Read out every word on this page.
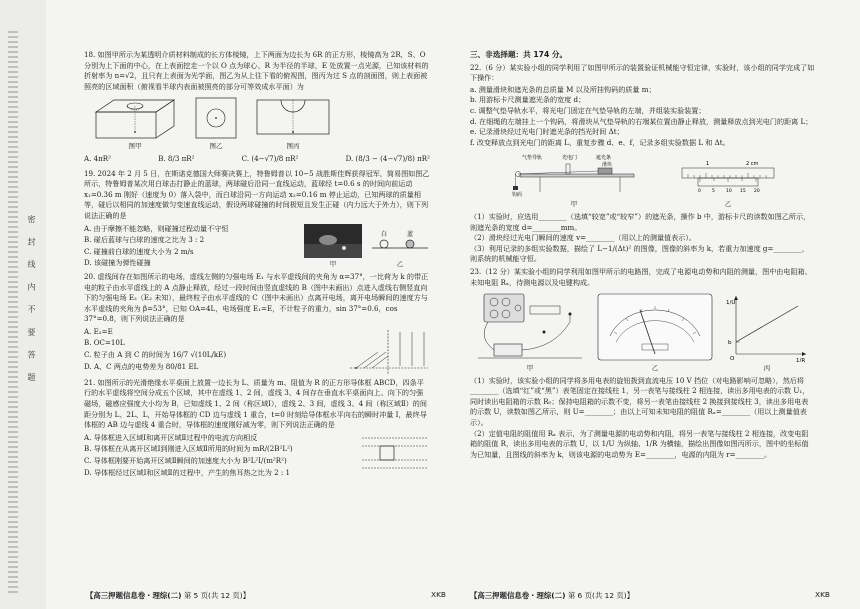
密 封 线 内 不 要 答 题
18. 如图甲所示为某透明介质材料制成的长方体棱镜，上下两面为边长为 6R 的正方形，棱镜高为 2R，S、O 分别为上下面的中心，在上表面挖走一个以 O 点为球心、R 为半径的半球，E 处放置一点光源，已知该材料的折射率为 n=√2，且只有上表面为光学面，图乙为从上往下看的俯视图，图丙为过 S 点的剖面图，则上表面被照亮的区域面积（俯视看半球内表面被照亮的部分可等效成水平面）为
图甲	图乙	图丙
A. 4πR²	B. 8/3 πR²	C. (4−√7)/8 πR²	D. (8/3 − (4−√7)/8) πR²
19. 2024 年 2 月 5 日，在斯诺克德国大师赛决赛上，特鲁姆普以 10−5 战胜斯佳辉获得冠军，简易图如图乙所示，特鲁姆普某次用白球击打静止的蓝球，两球碰后沿同一直线运动，蓝球经 t=0.6 s 的时间向前运动 x₁=0.36 m 刚好（速度为 0）落入袋中，而白球沿同一方向运动 x₂=0.16 m 停止运动，已知两球的质量相等，碰后以相同的加速度做匀变速直线运动，假设两球碰撞的时间极短且发生正碰（内力远大于外力），则下列说法正确的是
A. 由于摩擦不能忽略，则碰撞过程动量不守恒
B. 碰后蓝球与白球的速度之比为 3 : 2
C. 碰撞前白球的速度大小为 2 m/s
D. 该碰撞为弹性碰撞	甲
白	蓝
乙
20. 虚线间存在如图所示的电场，虚线左侧的匀强电场 E₁ 与水平虚线间的夹角为 α=37°，一比荷为 k 的带正电的粒子由水平虚线上的 A 点静止释放，经过一段时间由竖直虚线的 B（图中未画出）点进入虚线右侧竖直向下的匀强电场 E₂（E₂ 未知），最终粒子由水平虚线的 C（图中未画出）点离开电场，离开电场瞬间的速度方与水平虚线的夹角为 β=53°，已知 OA=4L，电场强度 E₁=E，不计粒子的重力，sin 37°=0.6，cos 37°=0.8，则下列说法正确的是
A. E₂=E
B. OC=10L
C. 粒子由 A 到 C 的时间为 16/7 √(10L/kE)
D. A、C 两点的电势差为 80/81 EL
21. 如图所示的光滑绝缘水平桌面上放置一边长为 L、质量为 m、阻值为 R 的正方形导体框 ABCD，四条平行的水平虚线将空间分成五个区域，其中在虚线 1、2 间，虚线 3、4 间存在垂直水平桌面向上、向下的匀强磁场，磁感应强度大小均为 B，已知虚线 1、2 间（称区域Ⅰ），虚线 2、3 间，虚线 3、4 间（称区域Ⅱ）的间距分别为 L、2L、L，开始导体框的 CD 边与虚线 1 重合，t=0 时刻给导体框水平向右的瞬时冲量 I，最终导体框的 AB 边与虚线 4 重合时，导体框的速度刚好减为零，则下列说法正确的是
A. 导体框进入区域Ⅰ和离开区域Ⅱ过程中的电流方向相反
B. 导体框在从离开区域Ⅰ到刚进入区域Ⅱ所用的时间为 mR/(2B²L²)
C. 导体框刚要开始离开区域Ⅱ瞬间的加速度大小为 B²L²I/(m²R²)
D. 导体框经过区域Ⅰ和区域Ⅱ的过程中，产生的焦耳热之比为 2 : 1
三、非选择题：共 174 分。
22.（6 分）某实验小组的同学利用了如图甲所示的装置验证机械能守恒定律，实验时，该小组的同学完成了如下操作：
a. 测量滑块和遮光条的总质量 M 以及所挂钩码的质量 m；
b. 用游标卡尺测量遮光条的宽度 d；
c. 调整气垫导轨水平，将光电门固定在气垫导轨的左端，并组装实验装置；
d. 在细绳的左端挂上一个钩码，将滑块从气垫导轨的右端某位置由静止释放，测量释放点到光电门的距离 L；
e. 记录滑块经过光电门时遮光条的挡光时间 Δt；
f. 改变释放点到光电门的距离 L，重复步骤 d、e、f，记录多组实验数据 L 和 Δt。
气垫导轨	光电门	遮光条
滑块
钩码
甲
1	2 cm
0 5 10 15 20
乙
（1）实验时，应选用________（选填“较宽”或“较窄”）的遮光条，操作 b 中，游标卡尺的读数如图乙所示，则遮光条的宽度 d=________mm。
（2）滑块经过光电门瞬间的速度 v=________（用以上的测量值表示）。
（3）利用记录的多组实验数据，描绘了 L−1/(Δt)² 的图像，图像的斜率为 k，若重力加速度 g=________，则系统的机械能守恒。
23.（12 分）某实验小组的同学利用如图甲所示的电路图，完成了电源电动势和内阻的测量，图中由电阻箱、未知电阻 Rₓ，待测电源以及电键构成。
甲	乙
1/U
1/R
O
b
丙
（1）实验时，该实验小组的同学将多用电表的旋钮拨到直流电压 10 V 挡位（对电路影响可忽略），然后将________（选填“红”或“黑”）表笔固定在接线柱 1，另一表笔与接线柱 2 相连接，读出多用电表的示数 U₁，同时读出电阻箱的示数 R₀；保持电阻箱的示数不变，将另一表笔由接线柱 2 换接到接线柱 3，读出多用电表的示数 U，读数如图乙所示，则 U=________；由以上可知未知电阻的阻值 Rₓ=________（用以上测量值表示）。
（2）定值电阻的阻值用 Rₓ 表示，为了测量电源的电动势和内阻，将另一表笔与接线柱 2 相连接，改变电阻箱的阻值 R，读出多用电表的示数 U，以 1/U 为纵轴、1/R 为横轴，描绘出图像如图丙所示，图中的坐标值为已知量，且图线的斜率为 k，则该电源的电动势为 E=________，电源的内阻为 r=________。
【高三押题信息卷・理综(二) 第 5 页(共 12 页)】	XKB	【高三押题信息卷・理综(二) 第 6 页(共 12 页)】	XKB
